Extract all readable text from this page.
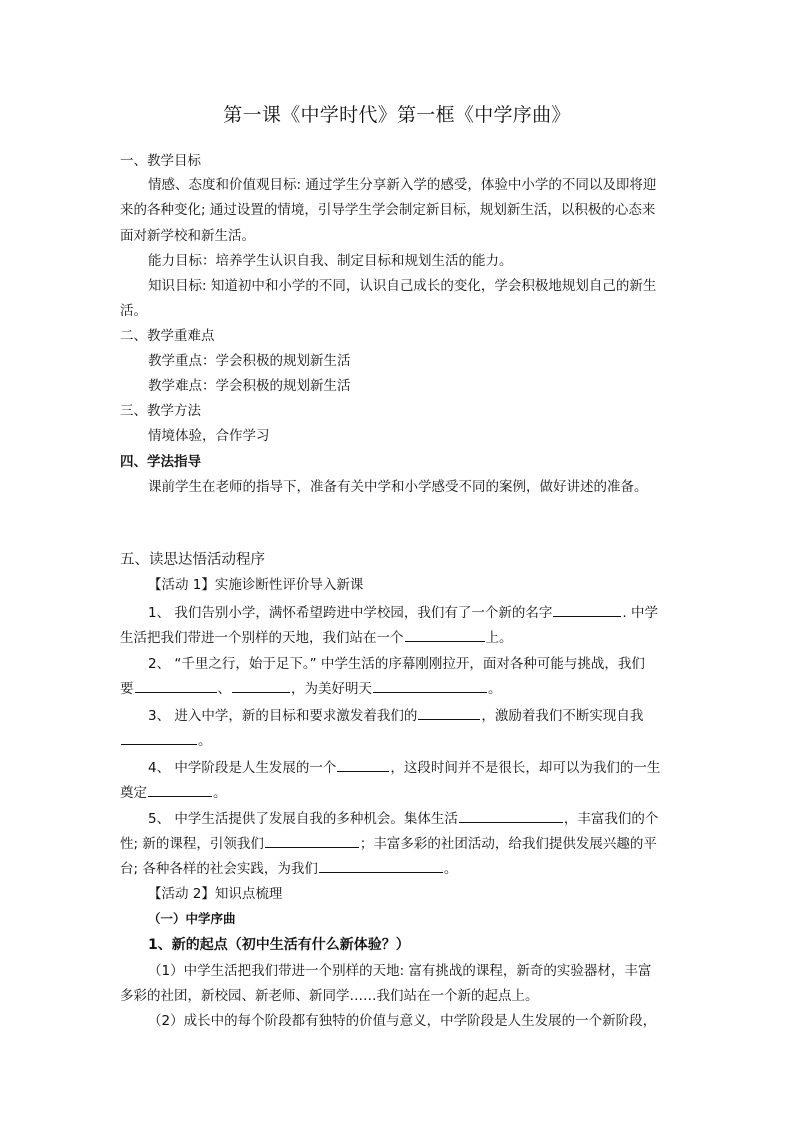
第一课《中学时代》第一框《中学序曲》
一、教学目标
情感、态度和价值观目标: 通过学生分享新入学的感受，体验中小学的不同以及即将迎
来的各种变化; 通过设置的情境，引导学生学会制定新目标，规划新生活，以积极的心态来
面对新学校和新生活。
能力目标：培养学生认识自我、制定目标和规划生活的能力。
知识目标: 知道初中和小学的不同，认识自己成长的变化，学会积极地规划自己的新生
活。
二、教学重难点
教学重点：学会积极的规划新生活
教学难点：学会积极的规划新生活
三、教学方法
情境体验，合作学习
四、学法指导
课前学生在老师的指导下，准备有关中学和小学感受不同的案例，做好讲述的准备。
五、读思达悟活动程序
【活动 1】实施诊断性评价导入新课
1、 我们告别小学，满怀希望跨进中学校园，我们有了一个新的名字	. 中学
生活把我们带进一个别样的天地，我们站在一个	上。
2、 “千里之行，始于足下。” 中学生活的序幕刚刚拉开，面对各种可能与挑战，我们
要	、	，为美好明天	。
3、 进入中学，新的目标和要求激发着我们的	，激励着我们不断实现自我
。
4、 中学阶段是人生发展的一个	，这段时间并不是很长，却可以为我们的一生
奠定	。
5、 中学生活提供了发展自我的多种机会。集体生活	，丰富我们的个
性; 新的课程，引领我们	；丰富多彩的社团活动，给我们提供发展兴趣的平
台; 各种各样的社会实践，为我们	。
【活动 2】知识点梳理
（一）中学序曲
1、新的起点（初中生活有什么新体验？）
（1）中学生活把我们带进一个别样的天地: 富有挑战的课程，新奇的实验器材，丰富
多彩的社团，新校园、新老师、新同学……我们站在一个新的起点上。
（2）成长中的每个阶段都有独特的价值与意义，中学阶段是人生发展的一个新阶段，
